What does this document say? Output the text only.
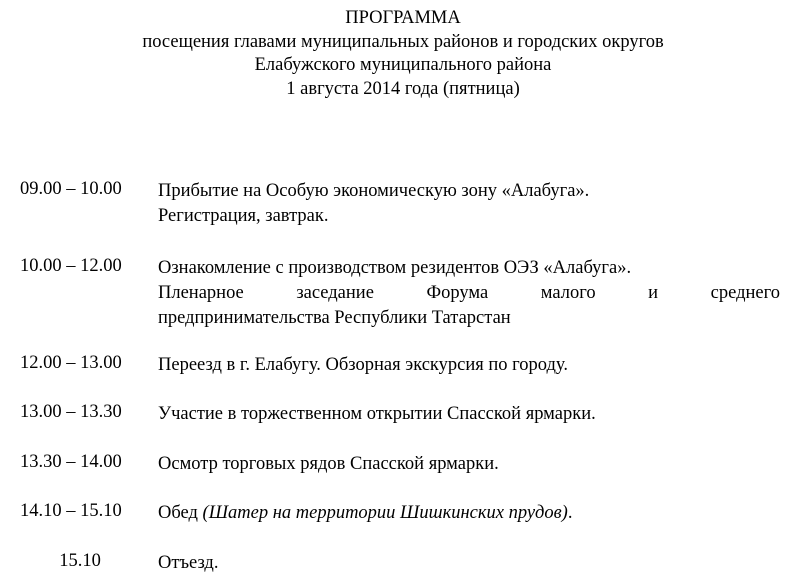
ПРОГРАММА
посещения главами муниципальных районов и городских округов
Елабужского муниципального района
1 августа 2014 года (пятница)
09.00 – 10.00	Прибытие на Особую экономическую зону «Алабуга».
Регистрация, завтрак.
10.00 – 12.00	Ознакомление с производством резидентов ОЭЗ «Алабуга».
Пленарное заседание Форума малого и среднего
предпринимательства Республики Татарстан
12.00 – 13.00	Переезд в г. Елабугу. Обзорная экскурсия по городу.
13.00 – 13.30	Участие в торжественном открытии Спасской ярмарки.
13.30 – 14.00	Осмотр торговых рядов Спасской ярмарки.
14.10 – 15.10	Обед (Шатер на территории Шишкинских прудов).
15.10	Отъезд.
